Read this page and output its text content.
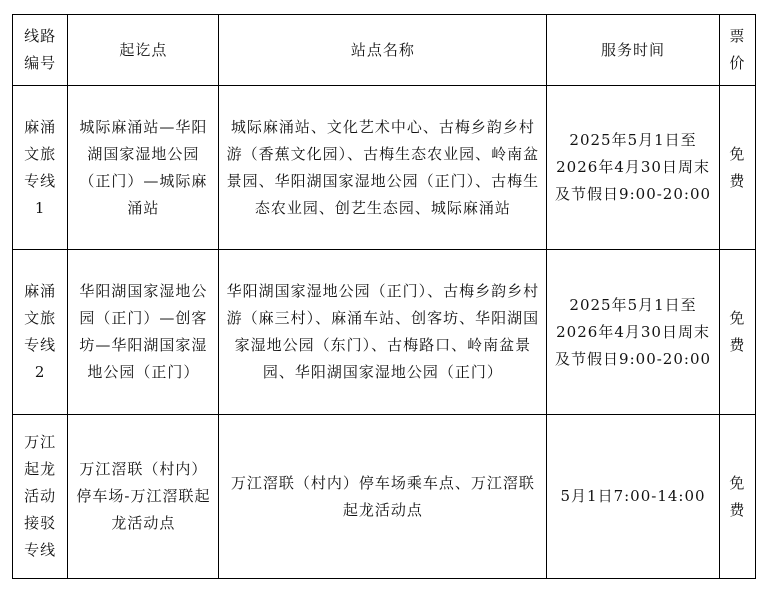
线路编号	起讫点	站点名称	服务时间	票价
麻涌文旅专线1	城际麻涌站—华阳湖国家湿地公园（正门）—城际麻涌站	城际麻涌站、文化艺术中心、古梅乡韵乡村游（香蕉文化园）、古梅生态农业园、岭南盆景园、华阳湖国家湿地公园（正门）、古梅生态农业园、创艺生态园、城际麻涌站	2025年5月1日至2026年4月30日周末及节假日9:00-20:00	免费
麻涌文旅专线2	华阳湖国家湿地公园（正门）—创客坊—华阳湖国家湿地公园（正门）	华阳湖国家湿地公园（正门）、古梅乡韵乡村游（麻三村）、麻涌车站、创客坊、华阳湖国家湿地公园（东门）、古梅路口、岭南盆景园、华阳湖国家湿地公园（正门）	2025年5月1日至2026年4月30日周末及节假日9:00-20:00	免费
万江起龙活动接驳专线	万江滘联（村内）停车场-万江滘联起龙活动点	万江滘联（村内）停车场乘车点、万江滘联起龙活动点	5月1日7:00-14:00	免费
